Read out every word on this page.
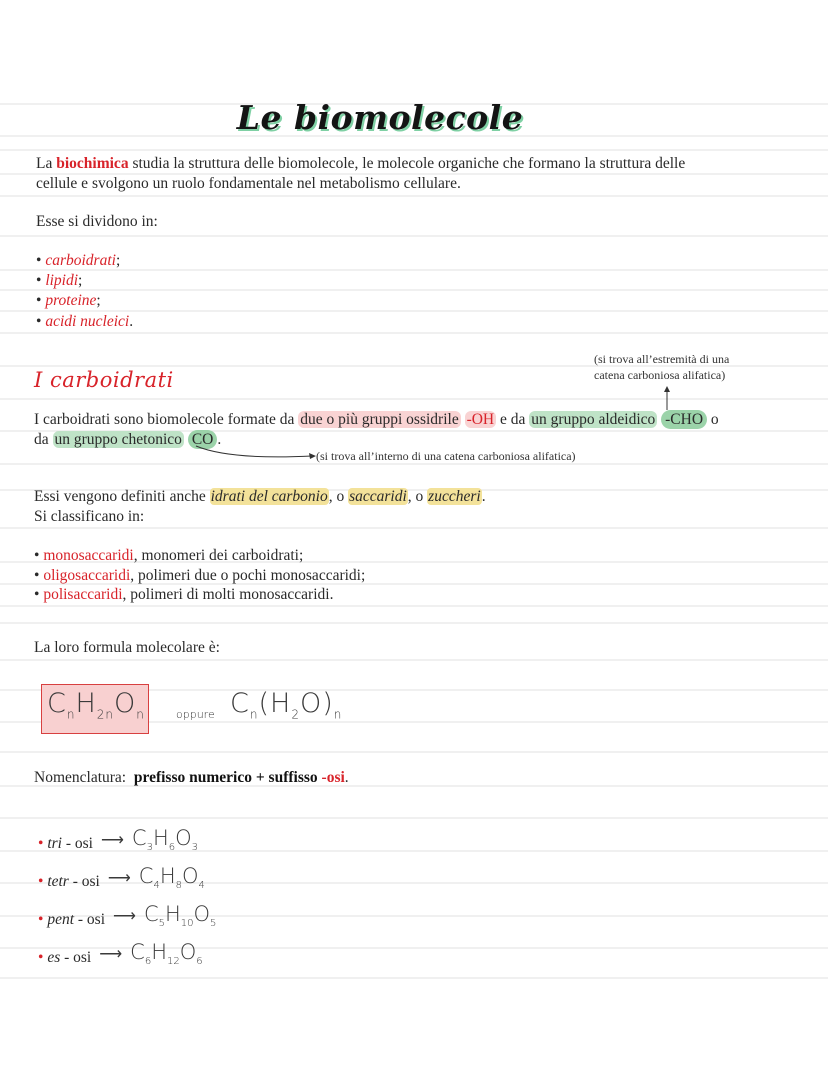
Le biomolecole
La biochimica studia la struttura delle biomolecole, le molecole organiche che formano la struttura delle
cellule e svolgono un ruolo fondamentale nel metabolismo cellulare.
Esse si dividono in:
• carboidrati;
• lipidi;
• proteine;
• acidi nucleici.
(si trova all’estremità di una
catena carboniosa alifatica)
I carboidrati
I carboidrati sono biomolecole formate da due o più gruppi ossidrile -OH e da un gruppo aldeidico -CHO o
da un gruppo chetonico CO .
(si trova all’interno di una catena carboniosa alifatica)
Essi vengono definiti anche idrati del carbonio, o saccaridi, o zuccheri.
Si classificano in:
• monosaccaridi, monomeri dei carboidrati;
• oligosaccaridi, polimeri due o pochi monosaccaridi;
• polisaccaridi, polimeri di molti monosaccaridi.
La loro formula molecolare è:
$C_nH_{2n}O_n$	oppure $C_n(H_2O)_n$
Nomenclatura: prefisso numerico + suffisso -osi.
• tri - osi ⟶ $C_3H_6O_3$
• tetr - osi ⟶ $C_4H_8O_4$
• pent - osi ⟶ $C_5H_{10}O_5$
• es - osi ⟶ $C_6H_{12}O_6$
